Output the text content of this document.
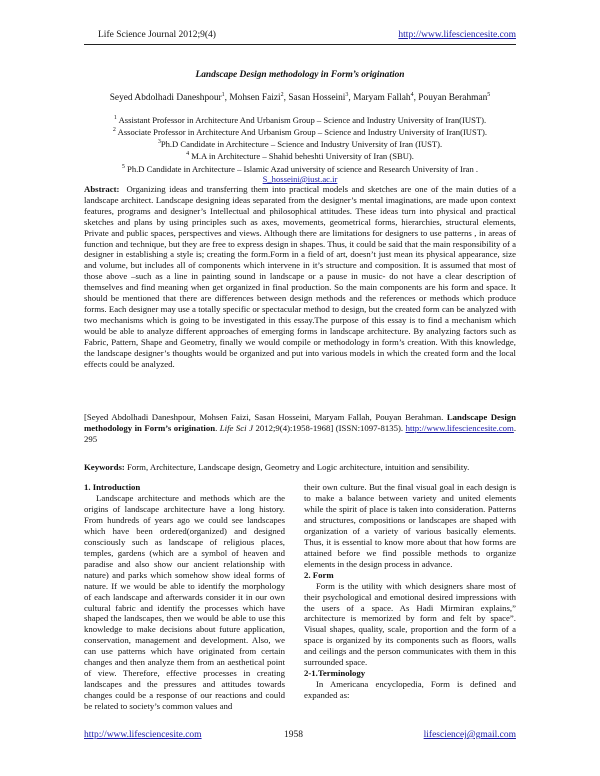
Life Science Journal 2012;9(4)	http://www.lifesciencesite.com
Landscape Design methodology in Form’s origination
Seyed Abdolhadi Daneshpour$^1$, Mohsen Faizi$^2$, Sasan Hosseini$^3$, Maryam Fallah$^4$, Pouyan Berahman$^5$
$^1$ Assistant Professor in Architecture And Urbanism Group – Science and Industry University of Iran(IUST).
$^2$ Associate Professor in Architecture And Urbanism Group – Science and Industry University of Iran(IUST).
$^3$Ph.D Candidate in Architecture – Science and Industry University of Iran (IUST).
$^4$ M.A in Architecture – Shahid beheshti University of Iran (SBU).
$^5$ Ph.D Candidate in Architecture – Islamic Azad university of science and Research University of Iran .
S_hosseini@iust.ac.ir
Abstract: Organizing ideas and transferring them into practical models and sketches are one of the main duties of a landscape architect. Landscape designing ideas separated from the designer’s mental imaginations, are made upon context features, programs and designer’s Intellectual and philosophical attitudes. These ideas turn into physical and practical sketches and plans by using principles such as axes, movements, geometrical forms, hierarchies, structural elements, Private and public spaces, perspectives and views. Although there are limitations for designers to use patterns , in areas of function and technique, but they are free to express design in shapes. Thus, it could be said that the main responsibility of a designer in establishing a style is; creating the form.Form in a field of art, doesn’t just mean its physical appearance, size and volume, but includes all of components which intervene in it’s structure and composition. It is assumed that most of those above –such as a line in painting sound in landscape or a pause in music- do not have a clear description of themselves and find meaning when get organized in final production. So the main components are his form and space. It should be mentioned that there are differences between design methods and the references or methods which produce forms. Each designer may use a totally specific or spectacular method to design, but the created form can be analyzed with two mechanisms which is going to be investigated in this essay.The purpose of this essay is to find a mechanism which would be able to analyze different approaches of emerging forms in landscape architecture. By analyzing factors such as Fabric, Pattern, Shape and Geometry, finally we would compile or methodology in form’s creation. With this knowledge, the landscape designer’s thoughts would be organized and put into various models in which the created form and the local effects could be analyzed.
[Seyed Abdolhadi Daneshpour, Mohsen Faizi, Sasan Hosseini, Maryam Fallah, Pouyan Berahman. Landscape Design methodology in Form’s origination. Life Sci J 2012;9(4):1958-1968] (ISSN:1097-8135). http://www.lifesciencesite.com. 295
Keywords: Form, Architecture, Landscape design, Geometry and Logic architecture, intuition and sensibility.
1. Introduction

Landscape architecture and methods which are the origins of landscape architecture have a long history. From hundreds of years ago we could see landscapes which have been ordered(organized) and designed consciously such as landscape of religious places, temples, gardens (which are a symbol of heaven and paradise and also show our ancient relationship with nature) and parks which somehow show ideal forms of nature. If we would be able to identify the morphology of each landscape and afterwards consider it in our own cultural fabric and identify the processes which have shaped the landscapes, then we would be able to use this knowledge to make decisions about future application, conservation, management and development. Also, we can use patterns which have originated from certain changes and then analyze them from an aesthetical point of view. Therefore, effective processes in creating landscapes and the pressures and attitudes towards changes could be a response of our reactions and could be related to society’s common values and

their own culture. But the final visual goal in each design is to make a balance between variety and united elements while the spirit of place is taken into consideration. Patterns and structures, compositions or landscapes are shaped with organization of a variety of various basically elements. Thus, it is essential to know more about that how forms are attained before we find possible methods to organize elements in the design process in advance.

2. Form

Form is the utility with which designers share most of their psychological and emotional desired impressions with the users of a space. As Hadi Mirmiran explains,” architecture is memorized by form and felt by space”. Visual shapes, quality, scale, proportion and the form of a space is organized by its components such as floors, walls and ceilings and the person communicates with them in this surrounded space.

2-1.Terminology

In Americana encyclopedia, Form is defined and expanded as:

http://www.lifesciencesite.com	1958	lifesciencej@gmail.com
